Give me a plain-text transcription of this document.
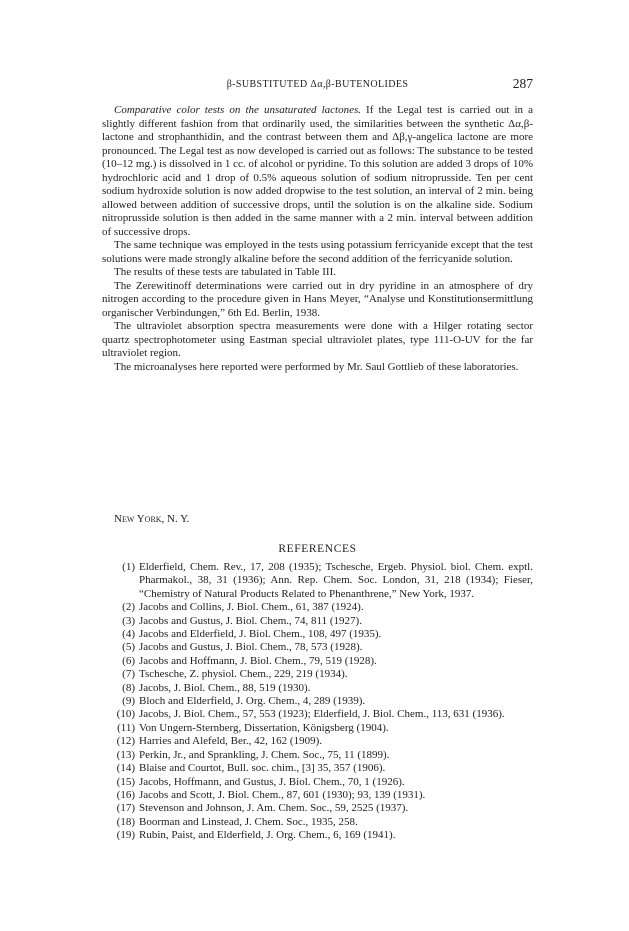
β-SUBSTITUTED Δα,β-BUTENOLIDES	287

Comparative color tests on the unsaturated lactones. If the Legal test is carried out in a slightly different fashion from that ordinarily used, the similarities between the synthetic Δα,β-lactone and strophanthidin, and the contrast between them and Δβ,γ-angelica lactone are more pronounced. The Legal test as now developed is carried out as follows: The substance to be tested (10–12 mg.) is dissolved in 1 cc. of alcohol or pyridine. To this solution are added 3 drops of 10% hydrochloric acid and 1 drop of 0.5% aqueous solution of sodium nitroprusside. Ten per cent sodium hydroxide solution is now added dropwise to the test solution, an interval of 2 min. being allowed between addition of successive drops, until the solution is on the alkaline side. Sodium nitroprusside solution is then added in the same manner with a 2 min. interval between addition of successive drops.

The same technique was employed in the tests using potassium ferricyanide except that the test solutions were made strongly alkaline before the second addition of the ferricyanide solution.

The results of these tests are tabulated in Table III.

The Zerewitinoff determinations were carried out in dry pyridine in an atmosphere of dry nitrogen according to the procedure given in Hans Meyer, “Analyse und Konstitutionsermittlung organischer Verbindungen,” 6th Ed. Berlin, 1938.

The ultraviolet absorption spectra measurements were done with a Hilger rotating sector quartz spectrophotometer using Eastman special ultraviolet plates, type 111-O-UV for the far ultraviolet region.

The microanalyses here reported were performed by Mr. Saul Gottlieb of these laboratories.

New York, N. Y.
REFERENCES
(1) Elderfield, Chem. Rev., 17, 208 (1935); Tschesche, Ergeb. Physiol. biol. Chem. exptl. Pharmakol., 38, 31 (1936); Ann. Rep. Chem. Soc. London, 31, 218 (1934); Fieser, “Chemistry of Natural Products Related to Phenanthrene,” New York, 1937.
(2) Jacobs and Collins, J. Biol. Chem., 61, 387 (1924).
(3) Jacobs and Gustus, J. Biol. Chem., 74, 811 (1927).
(4) Jacobs and Elderfield, J. Biol. Chem., 108, 497 (1935).
(5) Jacobs and Gustus, J. Biol. Chem., 78, 573 (1928).
(6) Jacobs and Hoffmann, J. Biol. Chem., 79, 519 (1928).
(7) Tschesche, Z. physiol. Chem., 229, 219 (1934).
(8) Jacobs, J. Biol. Chem., 88, 519 (1930).
(9) Bloch and Elderfield, J. Org. Chem., 4, 289 (1939).
(10) Jacobs, J. Biol. Chem., 57, 553 (1923); Elderfield, J. Biol. Chem., 113, 631 (1936).
(11) Von Ungern-Sternberg, Dissertation, Königsberg (1904).
(12) Harries and Alefeld, Ber., 42, 162 (1909).
(13) Perkin, Jr., and Sprankling, J. Chem. Soc., 75, 11 (1899).
(14) Blaise and Courtot, Bull. soc. chim., [3] 35, 357 (1906).
(15) Jacobs, Hoffmann, and Gustus, J. Biol. Chem., 70, 1 (1926).
(16) Jacobs and Scott, J. Biol. Chem., 87, 601 (1930); 93, 139 (1931).
(17) Stevenson and Johnson, J. Am. Chem. Soc., 59, 2525 (1937).
(18) Boorman and Linstead, J. Chem. Soc., 1935, 258.
(19) Rubin, Paist, and Elderfield, J. Org. Chem., 6, 169 (1941).
